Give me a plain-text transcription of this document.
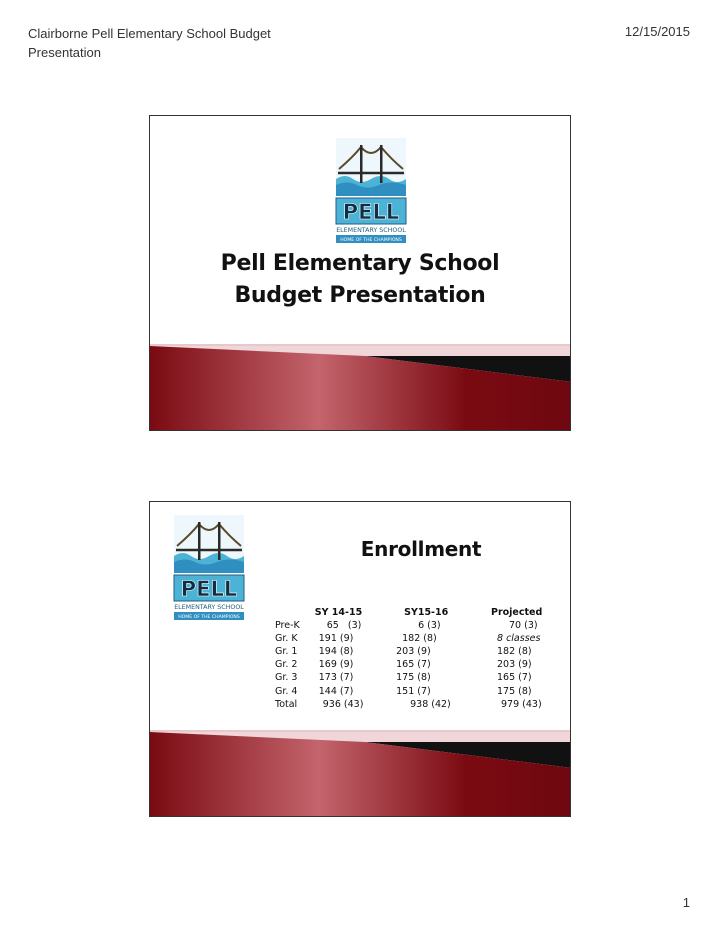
Clairborne Pell Elementary School Budget
Presentation
12/15/2015
PELL
ELEMENTARY SCHOOL
HOME OF THE CHAMPIONS
Pell Elementary School
Budget Presentation
PELL
ELEMENTARY SCHOOL
HOME OF THE CHAMPIONS
Enrollment
	SY 14-15	SY15-16	Projected
Pre-K	65   (3)	6 (3)	70 (3)
Gr. K	191 (9)	182 (8)	8 classes
Gr. 1	194 (8)	203 (9)	182 (8)
Gr. 2	169 (9)	165 (7)	203 (9)
Gr. 3	173 (7)	175 (8)	165 (7)
Gr. 4	144 (7)	151 (7)	175 (8)
Total	936 (43)	938 (42)	979 (43)
1
